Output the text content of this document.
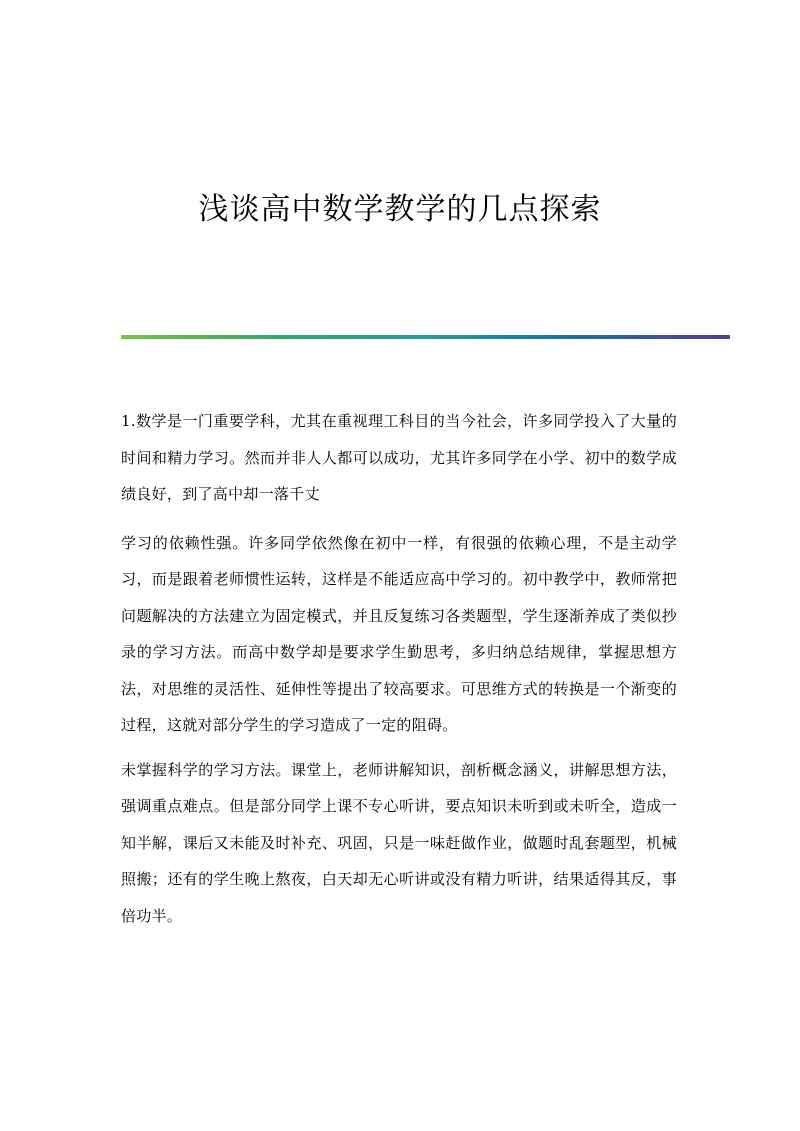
浅谈高中数学教学的几点探索

1.数学是一门重要学科，尤其在重视理工科目的当今社会，许多同学投入了大量的时间和精力学习。然而并非人人都可以成功，尤其许多同学在小学、初中的数学成绩良好，到了高中却一落千丈

学习的依赖性强。许多同学依然像在初中一样，有很强的依赖心理，不是主动学习，而是跟着老师惯性运转，这样是不能适应高中学习的。初中教学中，教师常把问题解决的方法建立为固定模式，并且反复练习各类题型，学生逐渐养成了类似抄录的学习方法。而高中数学却是要求学生勤思考，多归纳总结规律，掌握思想方法，对思维的灵活性、延伸性等提出了较高要求。可思维方式的转换是一个渐变的过程，这就对部分学生的学习造成了一定的阻碍。

未掌握科学的学习方法。课堂上，老师讲解知识，剖析概念涵义，讲解思想方法，强调重点难点。但是部分同学上课不专心听讲，要点知识未听到或未听全，造成一知半解，课后又未能及时补充、巩固，只是一味赶做作业，做题时乱套题型，机械照搬；还有的学生晚上熬夜，白天却无心听讲或没有精力听讲，结果适得其反，事倍功半。
